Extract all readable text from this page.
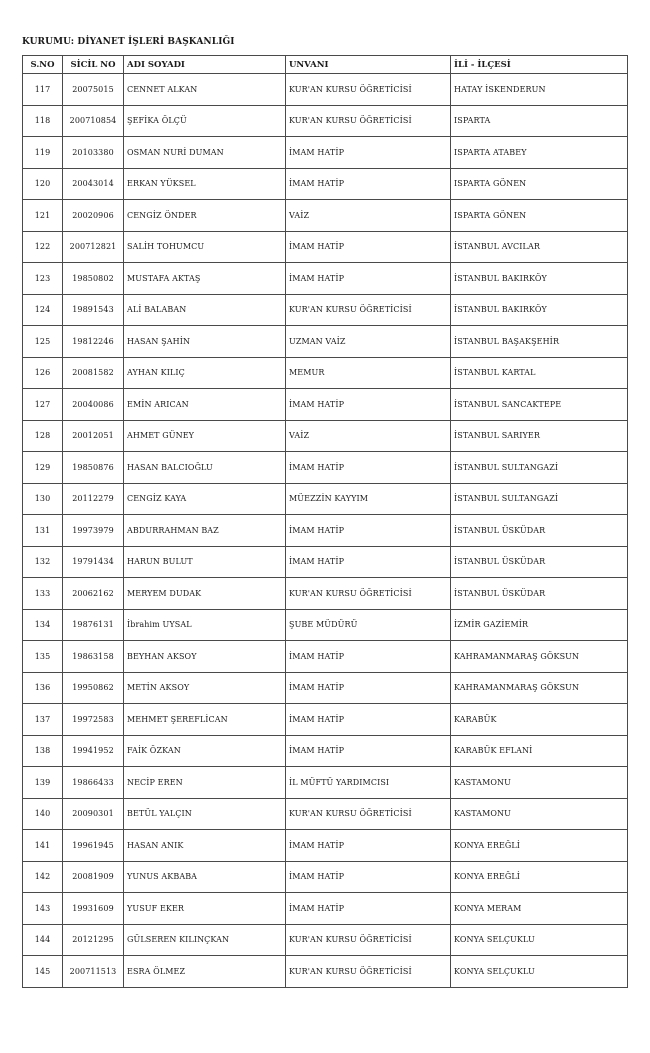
KURUMU: DİYANET İŞLERİ BAŞKANLIĞI
S.NO	SİCİL NO	ADI SOYADI	UNVANI	İLİ - İLÇESİ
117	20075015	CENNET ALKAN	KUR'AN KURSU ÖĞRETİCİSİ	HATAY İSKENDERUN
118	200710854	ŞEFİKA ÖLÇÜ	KUR'AN KURSU ÖĞRETİCİSİ	ISPARTA
119	20103380	OSMAN NURİ DUMAN	İMAM HATİP	ISPARTA ATABEY
120	20043014	ERKAN YÜKSEL	İMAM HATİP	ISPARTA GÖNEN
121	20020906	CENGİZ ÖNDER	VAİZ	ISPARTA GÖNEN
122	200712821	SALİH TOHUMCU	İMAM HATİP	İSTANBUL AVCILAR
123	19850802	MUSTAFA AKTAŞ	İMAM HATİP	İSTANBUL BAKIRKÖY
124	19891543	ALİ BALABAN	KUR'AN KURSU ÖĞRETİCİSİ	İSTANBUL BAKIRKÖY
125	19812246	HASAN ŞAHİN	UZMAN VAİZ	İSTANBUL BAŞAKŞEHİR
126	20081582	AYHAN KILIÇ	MEMUR	İSTANBUL KARTAL
127	20040086	EMİN ARICAN	İMAM HATİP	İSTANBUL SANCAKTEPE
128	20012051	AHMET GÜNEY	VAİZ	İSTANBUL SARIYER
129	19850876	HASAN BALCIOĞLU	İMAM HATİP	İSTANBUL SULTANGAZİ
130	20112279	CENGİZ KAYA	MÜEZZİN KAYYIM	İSTANBUL SULTANGAZİ
131	19973979	ABDURRAHMAN BAZ	İMAM HATİP	İSTANBUL ÜSKÜDAR
132	19791434	HARUN BULUT	İMAM HATİP	İSTANBUL ÜSKÜDAR
133	20062162	MERYEM DUDAK	KUR'AN KURSU ÖĞRETİCİSİ	İSTANBUL ÜSKÜDAR
134	19876131	İbrahim UYSAL	ŞUBE MÜDÜRÜ	İZMİR GAZİEMİR
135	19863158	BEYHAN AKSOY	İMAM HATİP	KAHRAMANMARAŞ GÖKSUN
136	19950862	METİN AKSOY	İMAM HATİP	KAHRAMANMARAŞ GÖKSUN
137	19972583	MEHMET ŞEREFLİCAN	İMAM HATİP	KARABÜK
138	19941952	FAİK ÖZKAN	İMAM HATİP	KARABÜK EFLANİ
139	19866433	NECİP EREN	İL MÜFTÜ YARDIMCISI	KASTAMONU
140	20090301	BETÜL YALÇIN	KUR'AN KURSU ÖĞRETİCİSİ	KASTAMONU
141	19961945	HASAN ANIK	İMAM HATİP	KONYA EREĞLİ
142	20081909	YUNUS AKBABA	İMAM HATİP	KONYA EREĞLİ
143	19931609	YUSUF EKER	İMAM HATİP	KONYA MERAM
144	20121295	GÜLSEREN KILINÇKAN	KUR'AN KURSU ÖĞRETİCİSİ	KONYA SELÇUKLU
145	200711513	ESRA ÖLMEZ	KUR'AN KURSU ÖĞRETİCİSİ	KONYA SELÇUKLU
